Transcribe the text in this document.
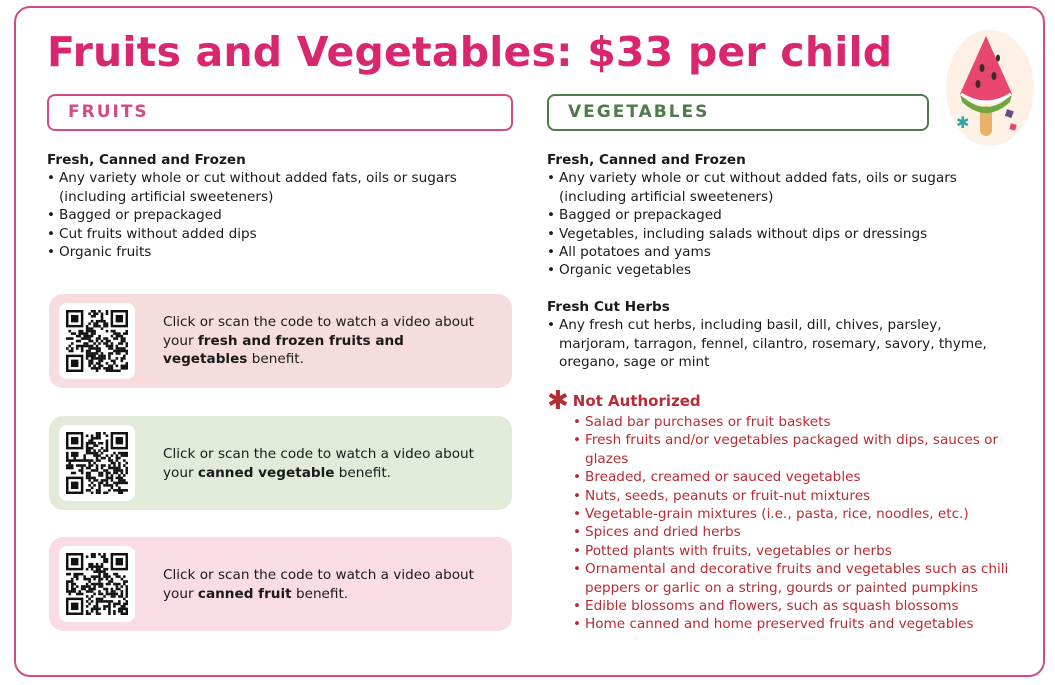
Fruits and Vegetables: $33 per child
✱
FRUITS	VEGETABLES
Fresh, Canned and Frozen
• Any variety whole or cut without added fats, oils or sugars (including artificial sweeteners)
• Bagged or prepackaged
• Cut fruits without added dips
• Organic fruits
Click or scan the code to watch a video about your fresh and frozen fruits and vegetables benefit.
Click or scan the code to watch a video about your canned vegetable benefit.
Click or scan the code to watch a video about your canned fruit benefit.
Fresh, Canned and Frozen
• Any variety whole or cut without added fats, oils or sugars (including artificial sweeteners)
• Bagged or prepackaged
• Vegetables, including salads without dips or dressings
• All potatoes and yams
• Organic vegetables
Fresh Cut Herbs
• Any fresh cut herbs, including basil, dill, chives, parsley, marjoram, tarragon, fennel, cilantro, rosemary, savory, thyme, oregano, sage or mint
✱ Not Authorized
• Salad bar purchases or fruit baskets
• Fresh fruits and/or vegetables packaged with dips, sauces or glazes
• Breaded, creamed or sauced vegetables
• Nuts, seeds, peanuts or fruit-nut mixtures
• Vegetable-grain mixtures (i.e., pasta, rice, noodles, etc.)
• Spices and dried herbs
• Potted plants with fruits, vegetables or herbs
• Ornamental and decorative fruits and vegetables such as chili peppers or garlic on a string, gourds or painted pumpkins
• Edible blossoms and flowers, such as squash blossoms
• Home canned and home preserved fruits and vegetables
